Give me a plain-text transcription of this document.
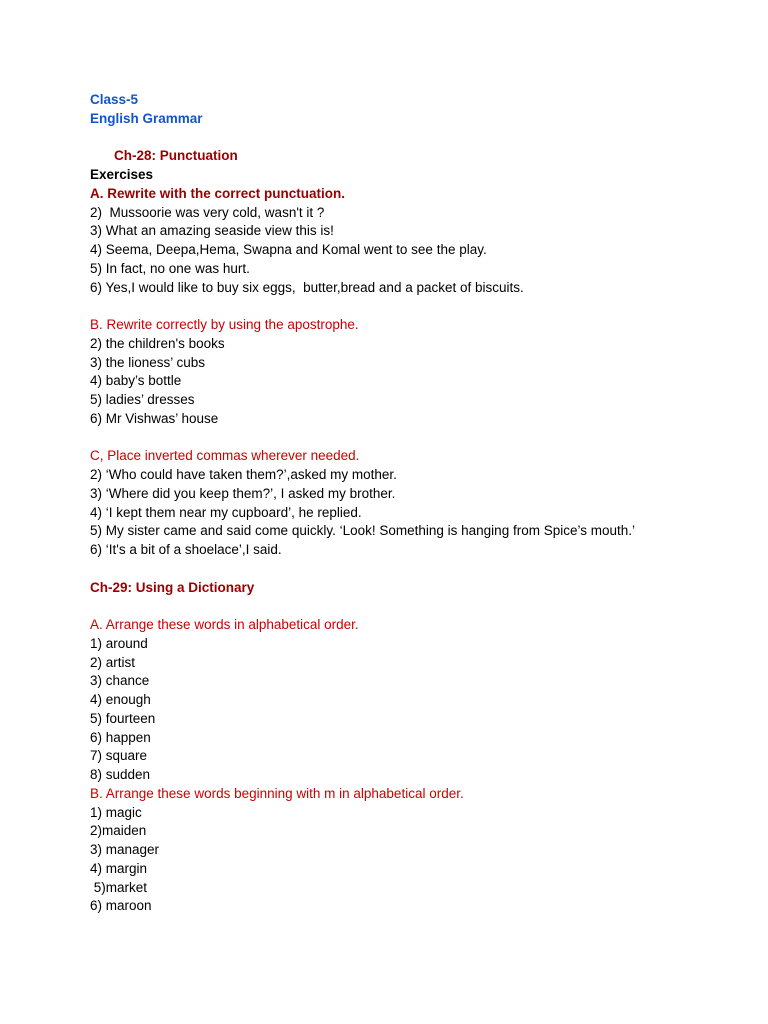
Class-5
English Grammar
Ch-28: Punctuation
Exercises
A. Rewrite with the correct punctuation.
2)  Mussoorie was very cold, wasn't it ?
3) What an amazing seaside view this is!
4) Seema, Deepa,Hema, Swapna and Komal went to see the play.
5) In fact, no one was hurt.
6) Yes,I would like to buy six eggs,  butter,bread and a packet of biscuits.
B. Rewrite correctly by using the apostrophe.
2) the children's books
3) the lioness’ cubs
4) baby’s bottle
5) ladies’ dresses
6) Mr Vishwas’ house
C, Place inverted commas wherever needed.
2) ‘Who could have taken them?’,asked my mother.
3) ‘Where did you keep them?’, I asked my brother.
4) ‘I kept them near my cupboard’, he replied.
5) My sister came and said come quickly. ‘Look! Something is hanging from Spice’s mouth.’
6) ‘It's a bit of a shoelace’,I said.
Ch-29: Using a Dictionary
A. Arrange these words in alphabetical order.
1) around
2) artist
3) chance
4) enough
5) fourteen
6) happen
7) square
8) sudden
B. Arrange these words beginning with m in alphabetical order.
1) magic
2)maiden
3) manager
4) margin
5)market
6) maroon
